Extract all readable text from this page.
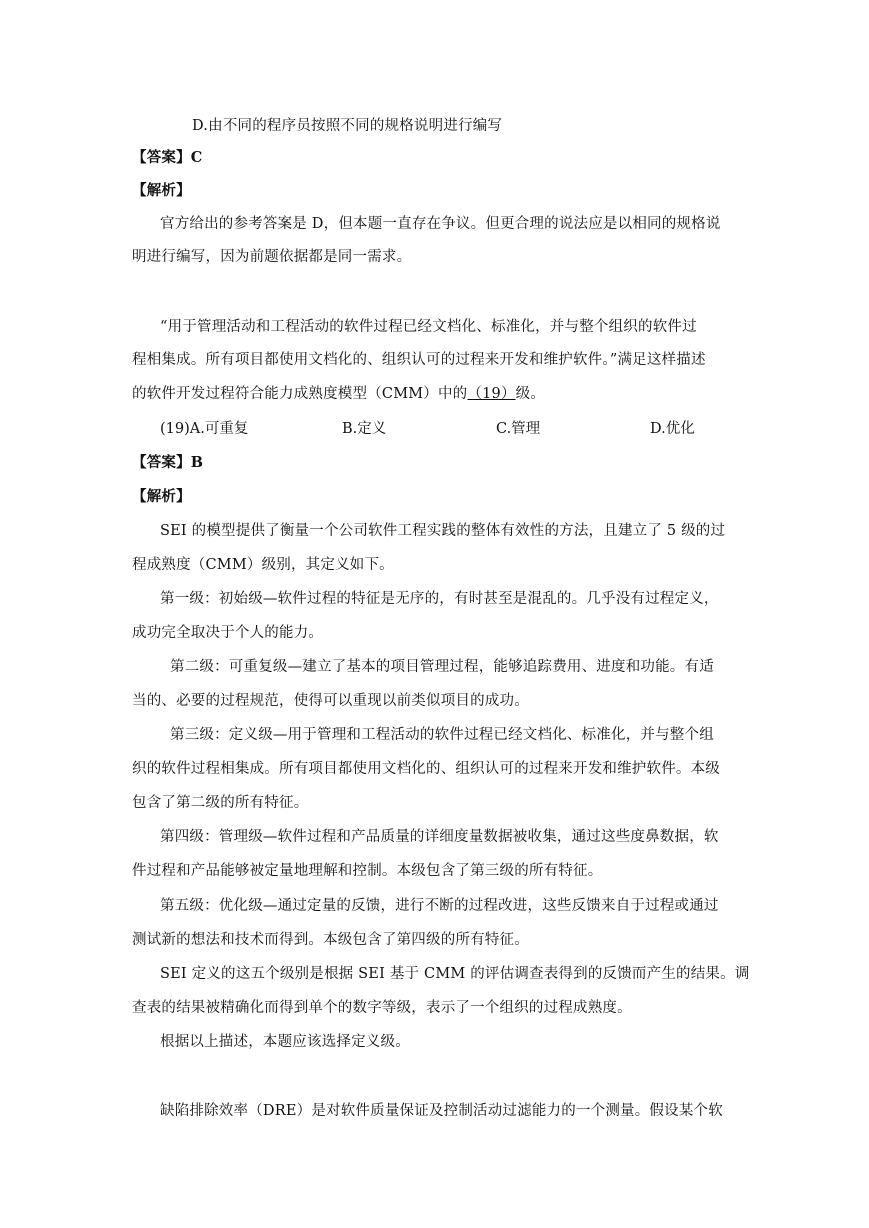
D.由不同的程序员按照不同的规格说明进行编写
【答案】C
【解析】
官方给出的参考答案是 D，但本题一直存在争议。但更合理的说法应是以相同的规格说
明进行编写，因为前题依据都是同一需求。
“用于管理活动和工程活动的软件过程已经文档化、标准化，并与整个组织的软件过
程相集成。所有项目都使用文档化的、组织认可的过程来开发和维护软件。”满足这样描述
的软件开发过程符合能力成熟度模型（CMM）中的（19）级。
(19)A.可重复	B.定义	C.管理	D.优化
【答案】B
【解析】
SEI 的模型提供了衡量一个公司软件工程实践的整体有效性的方法，且建立了 5 级的过
程成熟度（CMM）级别，其定义如下。
第一级：初始级—软件过程的特征是无序的，有时甚至是混乱的。几乎没有过程定义，
成功完全取决于个人的能力。
第二级：可重复级—建立了基本的项目管理过程，能够追踪费用、进度和功能。有适
当的、必要的过程规范，使得可以重现以前类似项目的成功。
第三级：定义级—用于管理和工程活动的软件过程已经文档化、标准化，并与整个组
织的软件过程相集成。所有项目都使用文档化的、组织认可的过程来开发和维护软件。本级
包含了第二级的所有特征。
第四级：管理级—软件过程和产品质量的详细度量数据被收集，通过这些度鼻数据，软
件过程和产品能够被定量地理解和控制。本级包含了第三级的所有特征。
第五级：优化级—通过定量的反馈，进行不断的过程改进，这些反馈来自于过程或通过
测试新的想法和技术而得到。本级包含了第四级的所有特征。
SEI 定义的这五个级别是根据 SEI 基于 CMM 的评估调查表得到的反馈而产生的结果。调
查表的结果被精确化而得到单个的数字等级，表示了一个组织的过程成熟度。
根据以上描述，本题应该选择定义级。
缺陷排除效率（DRE）是对软件质量保证及控制活动过滤能力的一个测量。假设某个软
